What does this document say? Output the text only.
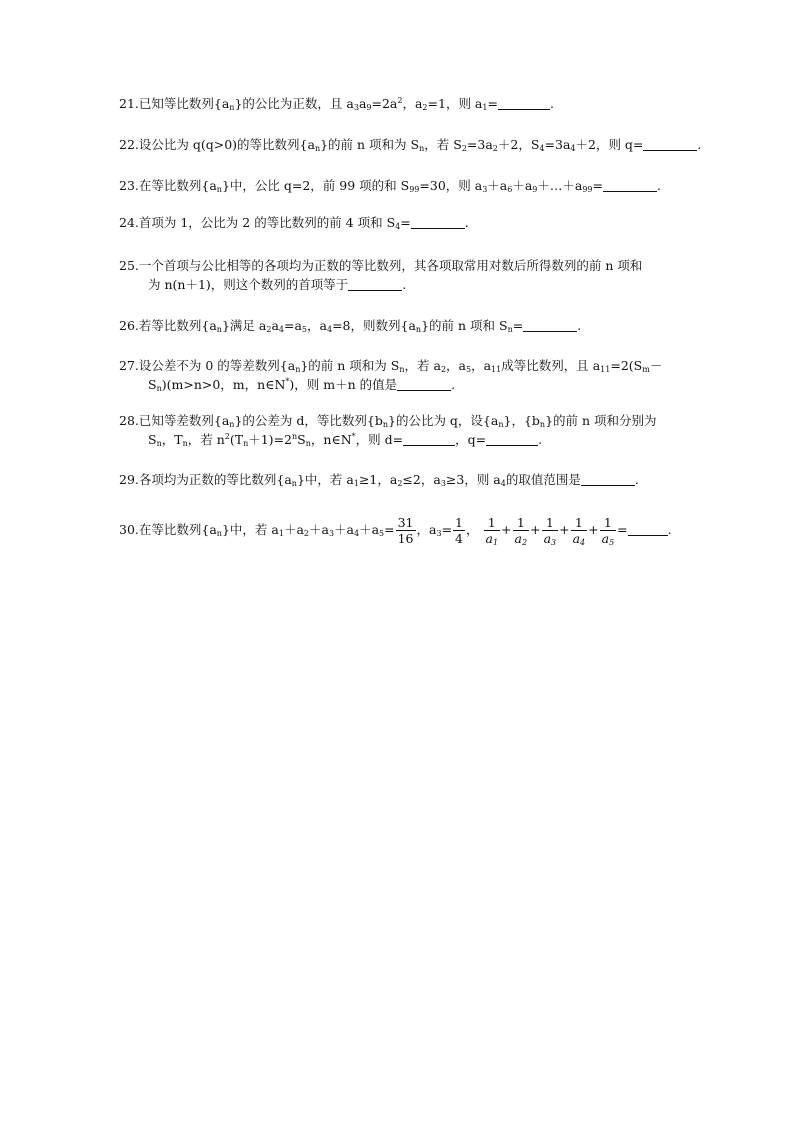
21.已知等比数列$\{a_n\}$的公比为正数，且 $a_3a_9=2a^2$，$a_2=1$，则 $a_1=$	.
22.设公比为 q(q>0)的等比数列$\{a_n\}$的前 n 项和为 $S_n$，若 $S_2=3a_2+2$，$S_4=3a_4+2$，则 q=	.
23.在等比数列$\{a_n\}$中，公比 q=2，前 99 项的和 $S_{99}=30$，则 $a_3+a_6+a_9+\dots+a_{99}=$	.
24.首项为 1，公比为 2 的等比数列的前 4 项和 $S_4=$	.
25.一个首项与公比相等的各项均为正数的等比数列，其各项取常用对数后所得数列的前 n 项和
为 n(n＋1)，则这个数列的首项等于	.
26.若等比数列$\{a_n\}$满足 $a_2a_4=a_5$，$a_4=8$，则数列$\{a_n\}$的前 n 项和 $S_n=$	.
27.设公差不为 0 的等差数列$\{a_n\}$的前 n 项和为 $S_n$，若 $a_2$，$a_5$，$a_{11}$成等比数列，且 $a_{11}=2(S_m-$
$S_n)(m>n>0$，m，n∈N*)，则 m＋n 的值是	.
28.已知等差数列$\{a_n\}$的公差为 d，等比数列$\{b_n\}$的公比为 q，设$\{a_n\}$，$\{b_n\}$的前 n 项和分别为
$S_n$，$T_n$，若 $n^2(T_n+1)=2^nS_n$，n∈N*，则 d=	，q=	.
29.各项均为正数的等比数列$\{a_n\}$中，若 $a_1\ge 1$，$a_2\le 2$，$a_3\ge 3$，则 $a_4$的取值范围是	.
30.在等比数列$\{a_n\}$中，若 $a_1+a_2+a_3+a_4+a_5= \frac{31}{16}$ ，$a_3= \frac{1}{4}$ ， $\frac{1}{a_1} + \frac{1}{a_2} + \frac{1}{a_3} + \frac{1}{a_4} + \frac{1}{a_5}$ =	.
